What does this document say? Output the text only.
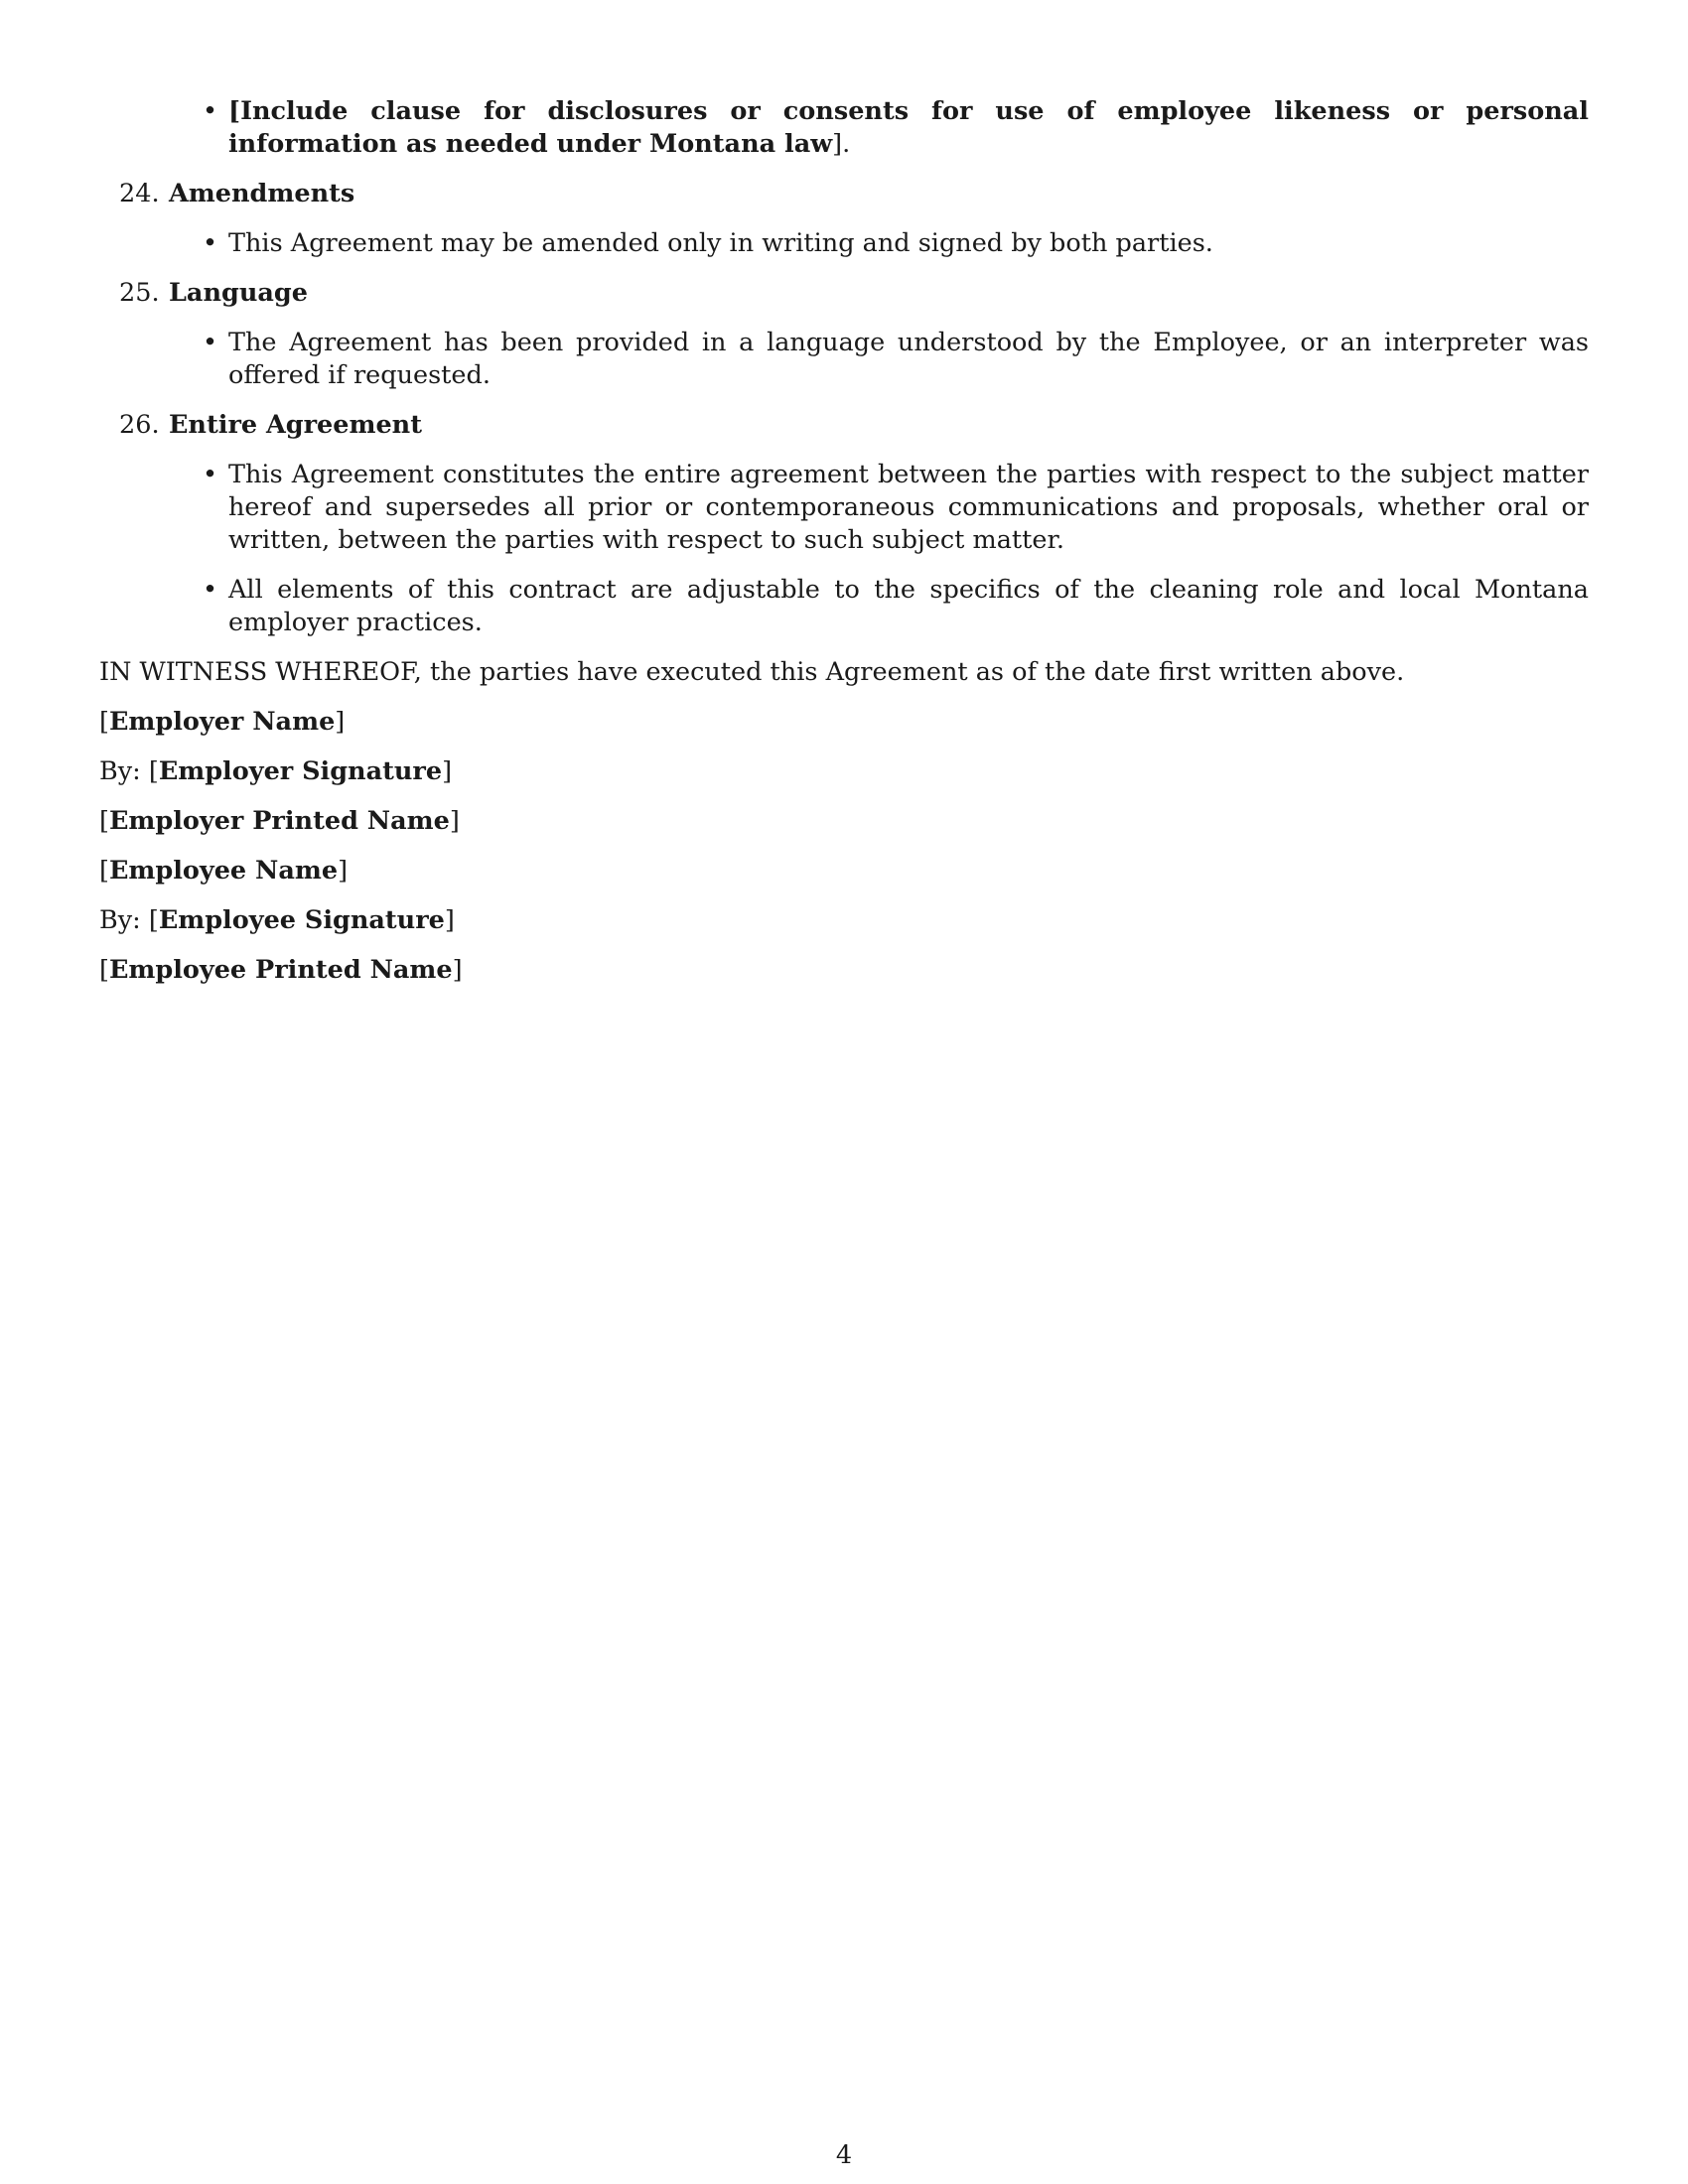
• [Include clause for disclosures or consents for use of employee likeness or personal information as needed under Montana law].
24. Amendments
• This Agreement may be amended only in writing and signed by both parties.
25. Language
• The Agreement has been provided in a language understood by the Employee, or an interpreter was offered if requested.
26. Entire Agreement
• This Agreement constitutes the entire agreement between the parties with respect to the subject matter hereof and supersedes all prior or contemporaneous communications and proposals, whether oral or written, between the parties with respect to such subject matter.
• All elements of this contract are adjustable to the specifics of the cleaning role and local Montana employer practices.

IN WITNESS WHEREOF, the parties have executed this Agreement as of the date first written above.

[Employer Name]

By: [Employer Signature]

[Employer Printed Name]

[Employee Name]

By: [Employee Signature]

[Employee Printed Name]

4
